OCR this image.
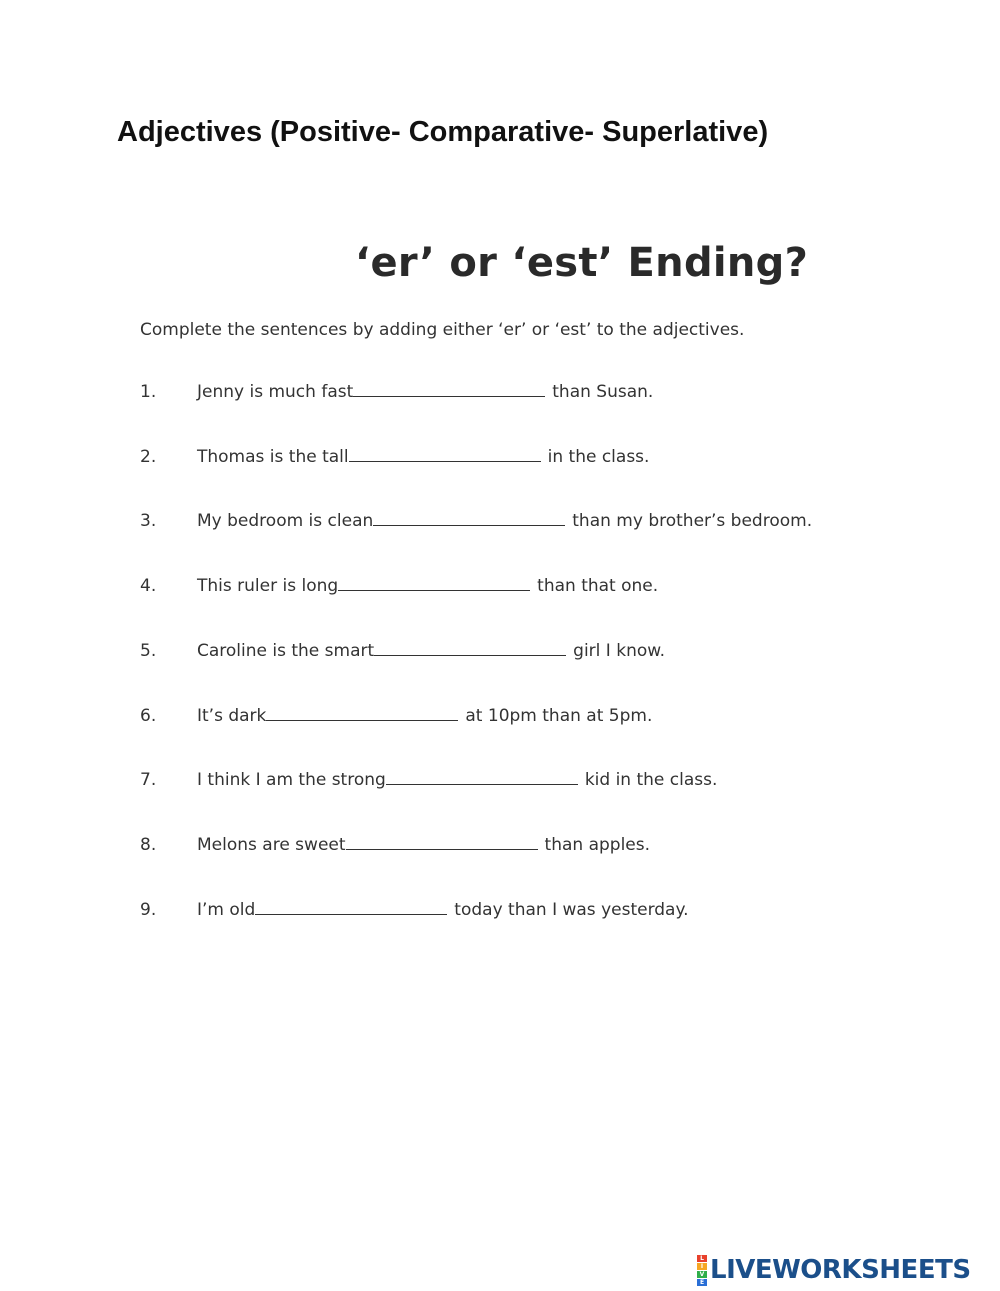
Adjectives (Positive- Comparative- Superlative)
‘er’ or ‘est’ Ending?

Complete the sentences by adding either ‘er’ or ‘est’ to the adjectives.

1.	Jenny is much fast	than Susan.
2.	Thomas is the tall	in the class.
3.	My bedroom is clean	than my brother’s bedroom.
4.	This ruler is long	than that one.
5.	Caroline is the smart	girl I know.
6.	It’s dark	at 10pm than at 5pm.
7.	I think I am the strong	kid in the class.
8.	Melons are sweet	than apples.
9.	I’m old	today than I was yesterday.
L
I
V
E LIVEWORKSHEETS
